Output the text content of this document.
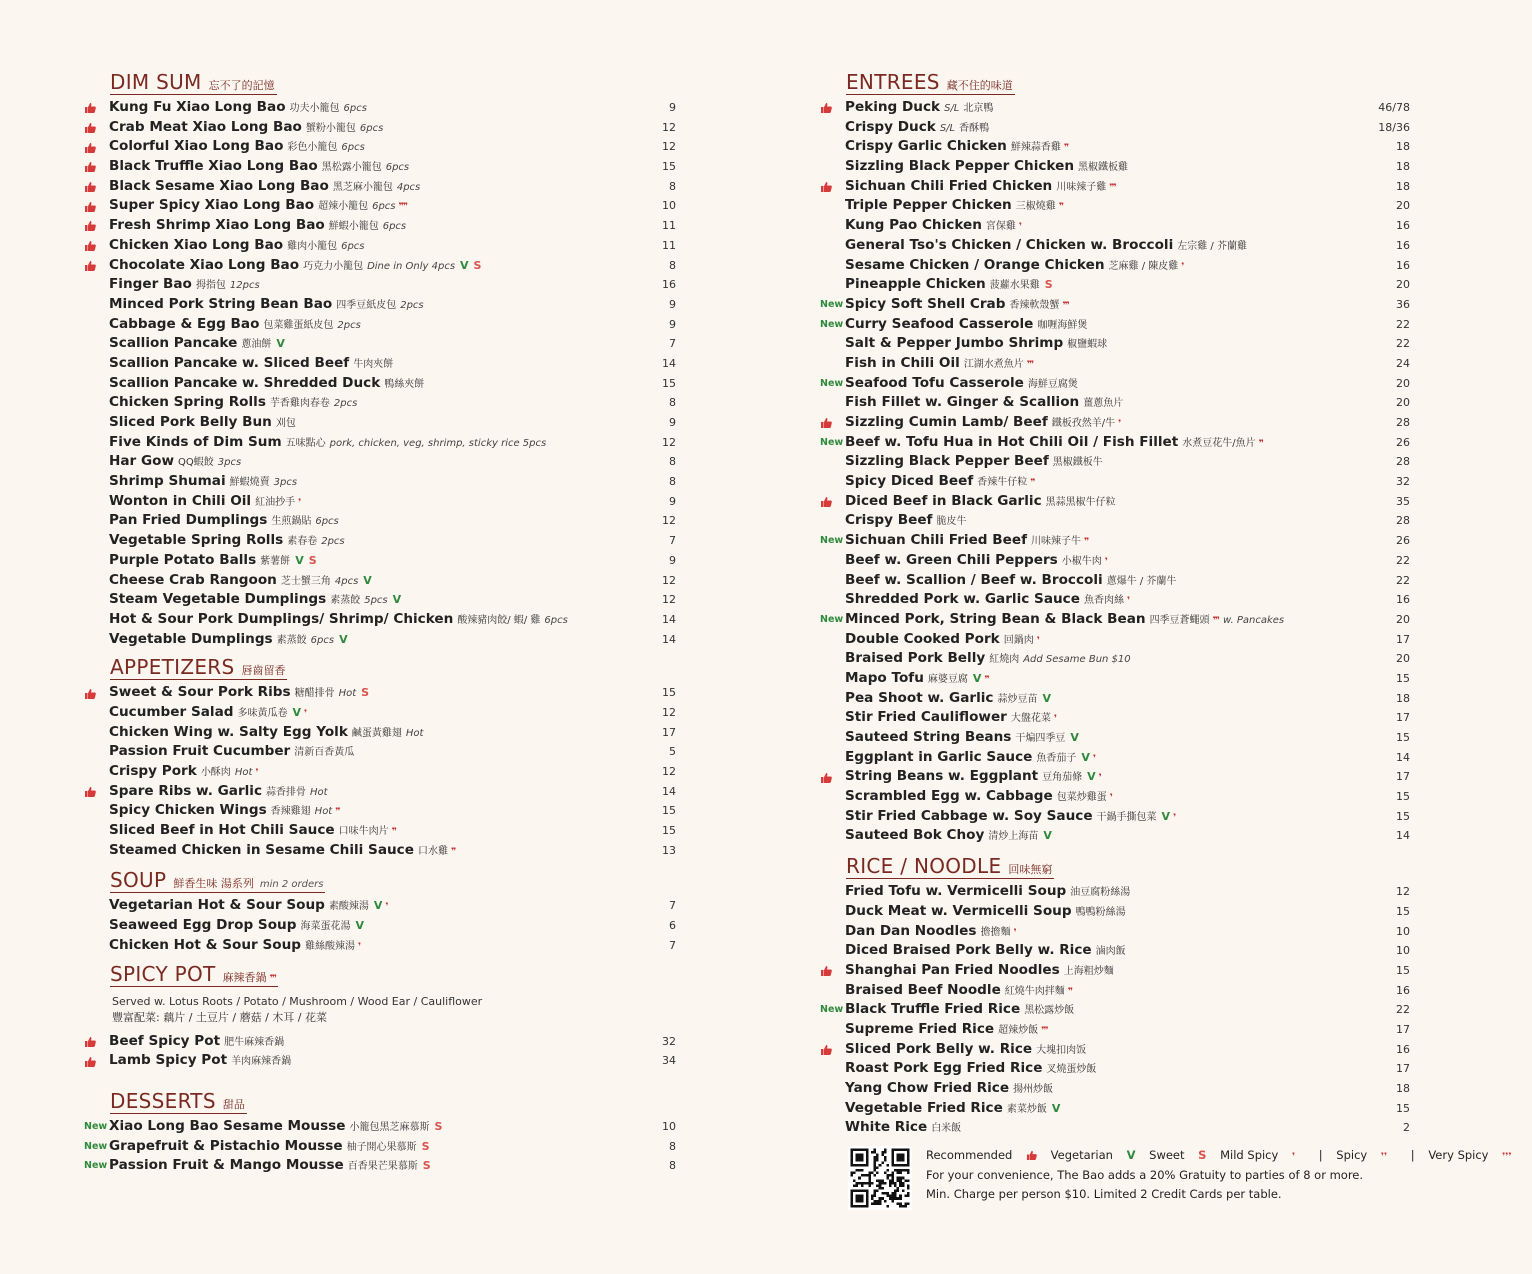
DIM SUM 忘不了的記憶
Kung Fu Xiao Long Bao 功夫小籠包 6pcs	9
Crab Meat Xiao Long Bao 蟹粉小籠包 6pcs	12
Colorful Xiao Long Bao 彩色小籠包 6pcs	12
Black Truffle Xiao Long Bao 黑松露小籠包 6pcs	15
Black Sesame Xiao Long Bao 黑芝麻小籠包 4pcs	8
Super Spicy Xiao Long Bao 超辣小籠包 6pcs ❜❜❜❜	10
Fresh Shrimp Xiao Long Bao 鮮蝦小籠包 6pcs	11
Chicken Xiao Long Bao 雞肉小籠包 6pcs	11
Chocolate Xiao Long Bao 巧克力小籠包 Dine in Only 4pcs V S	8
Finger Bao 拇指包 12pcs	16
Minced Pork String Bean Bao 四季豆紙皮包 2pcs	9
Cabbage & Egg Bao 包菜雞蛋紙皮包 2pcs	9
Scallion Pancake 蔥油餅 V	7
Scallion Pancake w. Sliced Beef 牛肉夾餅	14
Scallion Pancake w. Shredded Duck 鴨絲夾餅	15
Chicken Spring Rolls 芋香雞肉春卷 2pcs	8
Sliced Pork Belly Bun 刈包	9
Five Kinds of Dim Sum 五味點心 pork, chicken, veg, shrimp, sticky rice 5pcs	12
Har Gow QQ蝦餃 3pcs	8
Shrimp Shumai 鮮蝦燒賣 3pcs	8
Wonton in Chili Oil 紅油抄手 ❜	9
Pan Fried Dumplings 生煎鍋貼 6pcs	12
Vegetable Spring Rolls 素春卷 2pcs	7
Purple Potato Balls 紫薯餅 V S	9
Cheese Crab Rangoon 芝士蟹三角 4pcs V	12
Steam Vegetable Dumplings 素蒸餃 5pcs V	12
Hot & Sour Pork Dumplings/ Shrimp/ Chicken 酸辣豬肉餃/ 蝦/ 雞 6pcs	14
Vegetable Dumplings 素蒸餃 6pcs V	14
APPETIZERS 唇齒留香
Sweet & Sour Pork Ribs 糖醋排骨 Hot S	15
Cucumber Salad 多味黃瓜卷 V ❜	12
Chicken Wing w. Salty Egg Yolk 鹹蛋黃雞翅 Hot	17
Passion Fruit Cucumber 清新百香黃瓜	5
Crispy Pork 小酥肉 Hot ❜	12
Spare Ribs w. Garlic 蒜香排骨 Hot	14
Spicy Chicken Wings 香辣雞翅 Hot ❜❜	15
Sliced Beef in Hot Chili Sauce 口味牛肉片 ❜❜	15
Steamed Chicken in Sesame Chili Sauce 口水雞 ❜❜	13
SOUP 鮮香生味 湯系列 min 2 orders
Vegetarian Hot & Sour Soup 素酸辣湯 V ❜	7
Seaweed Egg Drop Soup 海菜蛋花湯 V	6
Chicken Hot & Sour Soup 雞絲酸辣湯 ❜	7
SPICY POT 麻辣香鍋 ❜❜❜
Served w. Lotus Roots / Potato / Mushroom / Wood Ear / Cauliflower
豐富配菜: 藕片 / 土豆片 / 蘑菇 / 木耳 / 花菜
Beef Spicy Pot 肥牛麻辣香鍋	32
Lamb Spicy Pot 羊肉麻辣香鍋	34
DESSERTS 甜品
New Xiao Long Bao Sesame Mousse 小籠包黑芝麻慕斯 S	10
New Grapefruit & Pistachio Mousse 柚子開心果慕斯 S	8
New Passion Fruit & Mango Mousse 百香果芒果慕斯 S	8
ENTREES 藏不住的味道
Peking Duck S/L 北京鴨	46/78
Crispy Duck S/L 香酥鴨	18/36
Crispy Garlic Chicken 鮮辣蒜香雞 ❜❜	18
Sizzling Black Pepper Chicken 黑椒鐵板雞	18
Sichuan Chili Fried Chicken 川味辣子雞 ❜❜❜	18
Triple Pepper Chicken 三椒燒雞 ❜❜	20
Kung Pao Chicken 宮保雞 ❜	16
General Tso's Chicken / Chicken w. Broccoli 左宗雞 / 芥蘭雞	16
Sesame Chicken / Orange Chicken 芝麻雞 / 陳皮雞 ❜	16
Pineapple Chicken 菠蘿水果雞 S	20
New Spicy Soft Shell Crab 香辣軟殼蟹 ❜❜❜	36
New Curry Seafood Casserole 咖喱海鮮煲	22
Salt & Pepper Jumbo Shrimp 椒鹽蝦球	22
Fish in Chili Oil 江湖水煮魚片 ❜❜❜	24
New Seafood Tofu Casserole 海鮮豆腐煲	20
Fish Fillet w. Ginger & Scallion 薑蔥魚片	20
Sizzling Cumin Lamb/ Beef 鐵板孜然羊/牛 ❜	28
New Beef w. Tofu Hua in Hot Chili Oil / Fish Fillet 水煮豆花牛/魚片 ❜❜	26
Sizzling Black Pepper Beef 黑椒鐵板牛	28
Spicy Diced Beef 香辣牛仔粒 ❜❜	32
Diced Beef in Black Garlic 黑蒜黑椒牛仔粒	35
Crispy Beef 脆皮牛	28
New Sichuan Chili Fried Beef 川味辣子牛 ❜❜	26
Beef w. Green Chili Peppers 小椒牛肉 ❜	22
Beef w. Scallion / Beef w. Broccoli 蔥爆牛 / 芥蘭牛	22
Shredded Pork w. Garlic Sauce 魚香肉絲 ❜	16
New Minced Pork, String Bean & Black Bean 四季豆蒼蠅頭 ❜❜❜ w. Pancakes	20
Double Cooked Pork 回鍋肉 ❜	17
Braised Pork Belly 紅燒肉 Add Sesame Bun $10	20
Mapo Tofu 麻婆豆腐 V ❜❜	15
Pea Shoot w. Garlic 蒜炒豆苗 V	18
Stir Fried Cauliflower 大盤花菜 ❜	17
Sauteed String Beans 干煸四季豆 V	15
Eggplant in Garlic Sauce 魚香茄子 V ❜	14
String Beans w. Eggplant 豆角茄條 V ❜	17
Scrambled Egg w. Cabbage 包菜炒雞蛋 ❜	15
Stir Fried Cabbage w. Soy Sauce 干鍋手撕包菜 V ❜	15
Sauteed Bok Choy 清炒上海苗 V	14
RICE / NOODLE 回味無窮
Fried Tofu w. Vermicelli Soup 油豆腐粉絲湯	12
Duck Meat w. Vermicelli Soup 鴨鴨粉絲湯	15
Dan Dan Noodles 擔擔麵 ❜	10
Diced Braised Pork Belly w. Rice 滷肉飯	10
Shanghai Pan Fried Noodles 上海粗炒麵	15
Braised Beef Noodle 紅燒牛肉拌麵 ❜❜	16
New Black Truffle Fried Rice 黑松露炒飯	22
Supreme Fried Rice 超辣炒飯 ❜❜❜	17
Sliced Pork Belly w. Rice 大塊扣肉饭	16
Roast Pork Egg Fried Rice 叉燒蛋炒飯	17
Yang Chow Fried Rice 揚州炒飯	18
Vegetable Fried Rice 素菜炒飯 V	15
White Rice 白米飯	2
Recommended	Vegetarian V Sweet S Mild Spicy ❜ | Spicy ❜❜ | Very Spicy ❜❜❜
For your convenience, The Bao adds a 20% Gratuity to parties of 8 or more.
Min. Charge per person $10. Limited 2 Credit Cards per table.
